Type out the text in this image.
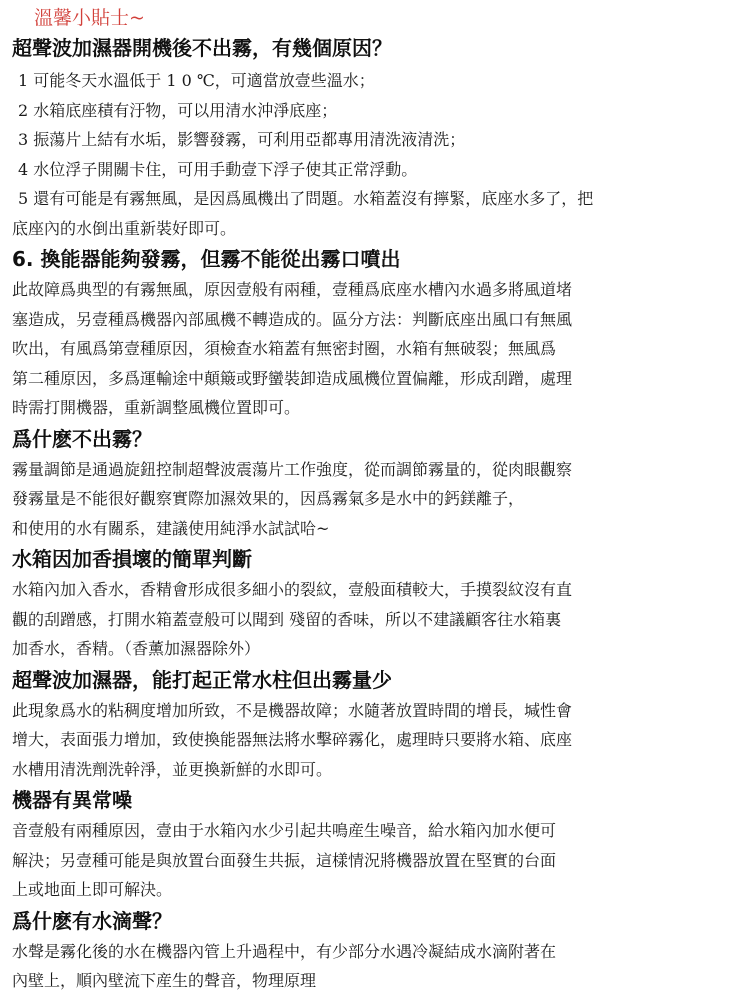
溫馨小貼士~
超聲波加濕器開機後不出霧，有幾個原因？

1 可能冬天水溫低于 1 0 ℃，可適當放壹些溫水；

2 水箱底座積有汙物，可以用清水沖淨底座；

3 振蕩片上結有水垢，影響發霧，可利用亞都專用清洗液清洗；

4 水位浮子開關卡住，可用手動壹下浮子使其正常浮動。

5 還有可能是有霧無風，是因爲風機出了問題。水箱蓋沒有擰緊，底座水多了，把

底座內的水倒出重新裝好即可。

6. 換能器能夠發霧，但霧不能從出霧口噴出

此故障爲典型的有霧無風，原因壹般有兩種，壹種爲底座水槽內水過多將風道堵

塞造成，另壹種爲機器內部風機不轉造成的。區分方法：判斷底座出風口有無風

吹出，有風爲第壹種原因，須檢查水箱蓋有無密封圈，水箱有無破裂；無風爲

第二種原因，多爲運輸途中顛簸或野蠻裝卸造成風機位置偏離，形成刮蹭，處理

時需打開機器，重新調整風機位置即可。

爲什麽不出霧？

霧量調節是通過旋鈕控制超聲波震蕩片工作強度，從而調節霧量的，從肉眼觀察

發霧量是不能很好觀察實際加濕效果的，因爲霧氣多是水中的鈣鎂離子，

和使用的水有關系，建議使用純淨水試試哈~

水箱因加香損壞的簡單判斷

水箱內加入香水，香精會形成很多細小的裂紋，壹般面積較大，手摸裂紋沒有直

觀的刮蹭感，打開水箱蓋壹般可以聞到 殘留的香味，所以不建議顧客往水箱裏

加香水，香精。（香薰加濕器除外）

超聲波加濕器，能打起正常水柱但出霧量少

此現象爲水的粘稠度增加所致，不是機器故障；水隨著放置時間的增長，堿性會

增大，表面張力增加，致使換能器無法將水擊碎霧化，處理時只要將水箱、底座

水槽用清洗劑洗幹淨，並更換新鮮的水即可。

機器有異常噪

音壹般有兩種原因，壹由于水箱內水少引起共鳴産生噪音，給水箱內加水便可

解決；另壹種可能是與放置台面發生共振，這樣情況將機器放置在堅實的台面

上或地面上即可解決。

爲什麽有水滴聲？

水聲是霧化後的水在機器內管上升過程中，有少部分水遇冷凝結成水滴附著在

內壁上，順內壁流下産生的聲音，物理原理
